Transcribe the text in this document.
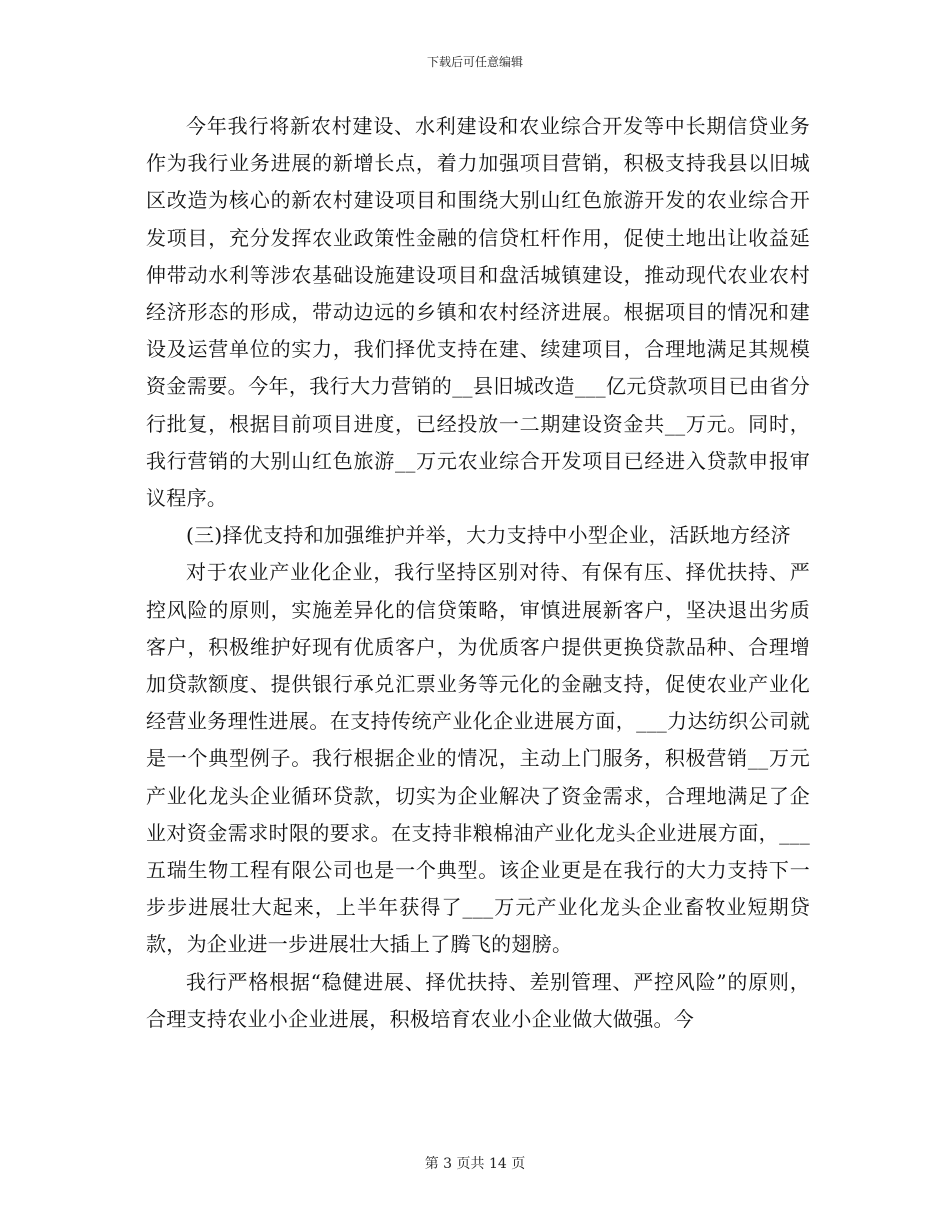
下载后可任意编辑

今年我行将新农村建设、水利建设和农业综合开发等中长期信贷业务作为我行业务进展的新增长点，着力加强项目营销，积极支持我县以旧城区改造为核心的新农村建设项目和围绕大别山红色旅游开发的农业综合开发项目，充分发挥农业政策性金融的信贷杠杆作用，促使土地出让收益延伸带动水利等涉农基础设施建设项目和盘活城镇建设，推动现代农业农村经济形态的形成，带动边远的乡镇和农村经济进展。根据项目的情况和建设及运营单位的实力，我们择优支持在建、续建项目，合理地满足其规模资金需要。今年，我行大力营销的__县旧城改造___亿元贷款项目已由省分行批复，根据目前项目进度，已经投放一二期建设资金共__万元。同时，我行营销的大别山红色旅游__万元农业综合开发项目已经进入贷款申报审议程序。

(三)择优支持和加强维护并举，大力支持中小型企业，活跃地方经济

对于农业产业化企业，我行坚持区别对待、有保有压、择优扶持、严控风险的原则，实施差异化的信贷策略，审慎进展新客户，坚决退出劣质客户，积极维护好现有优质客户，为优质客户提供更换贷款品种、合理增加贷款额度、提供银行承兑汇票业务等元化的金融支持，促使农业产业化经营业务理性进展。在支持传统产业化企业进展方面，___力达纺织公司就是一个典型例子。我行根据企业的情况，主动上门服务，积极营销__万元产业化龙头企业循环贷款，切实为企业解决了资金需求，合理地满足了企业对资金需求时限的要求。在支持非粮棉油产业化龙头企业进展方面，___五瑞生物工程有限公司也是一个典型。该企业更是在我行的大力支持下一步步进展壮大起来，上半年获得了___万元产业化龙头企业畜牧业短期贷款，为企业进一步进展壮大插上了腾飞的翅膀。

我行严格根据“稳健进展、择优扶持、差别管理、严控风险”的原则，合理支持农业小企业进展，积极培育农业小企业做大做强。今

第 3 页共 14 页
